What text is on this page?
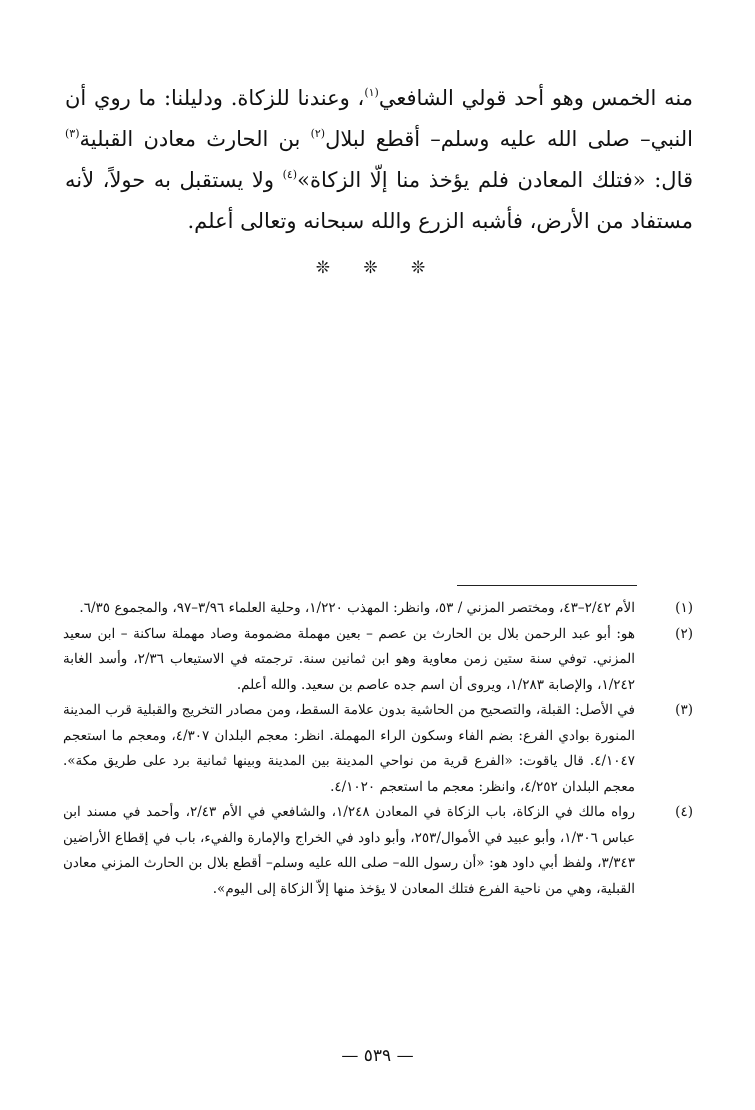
منه الخمس وهو أحد قولي الشافعي$^{(١)}$، وعندنا للزكاة. ودليلنا: ما روي أن النبي– صلى الله عليه وسلم– أقطع لبلال$^{(٢)}$ بن الحارث معادن القبلية$^{(٣)}$ قال: «فتلك المعادن فلم يؤخذ منا إلّا الزكاة»$^{(٤)}$ ولا يستقبل به حولاً، لأنه مستفاد من الأرض، فأشبه الزرع والله سبحانه وتعالى أعلم.

❊ ❊ ❊
(١)
الأم ٢/٤٢–٤٣، ومختصر المزني / ٥٣، وانظر: المهذب ١/٢٢٠، وحلية العلماء ٣/٩٦–٩٧، والمجموع ٦/٣٥.
(٢)
هو: أبو عبد الرحمن بلال بن الحارث بن عصم – بعين مهملة مضمومة وصاد مهملة ساكنة – ابن سعيد المزني. توفي سنة ستين زمن معاوية وهو ابن ثمانين سنة. ترجمته في الاستيعاب ٢/٣٦، وأسد الغابة ١/٢٤٢، والإصابة ١/٢٨٣، ويروى أن اسم جده عاصم بن سعيد. والله أعلم.
(٣)
في الأصل: القبلة، والتصحيح من الحاشية بدون علامة السقط، ومن مصادر التخريج والقبلية قرب المدينة المنورة بوادي الفرع: بضم الفاء وسكون الراء المهملة. انظر: معجم البلدان ٤/٣٠٧، ومعجم ما استعجم ٤/١٠٤٧. قال ياقوت: «الفرع قرية من نواحي المدينة بين المدينة وبينها ثمانية برد على طريق مكة». معجم البلدان ٤/٢٥٢، وانظر: معجم ما استعجم ٤/١٠٢٠.
(٤)
رواه مالك في الزكاة، باب الزكاة في المعادن ١/٢٤٨، والشافعي في الأم ٢/٤٣، وأحمد في مسند ابن عباس ١/٣٠٦، وأبو عبيد في الأموال/٢٥٣، وأبو داود في الخراج والإمارة والفيء، باب في إقطاع الأراضين ٣/٣٤٣، ولفظ أبي داود هو: «أن رسول الله– صلى الله عليه وسلم– أقطع بلال بن الحارث المزني معادن القبلية، وهي من ناحية الفرع فتلك المعادن لا يؤخذ منها إلاّ الزكاة إلى اليوم».
— ٥٣٩ —
